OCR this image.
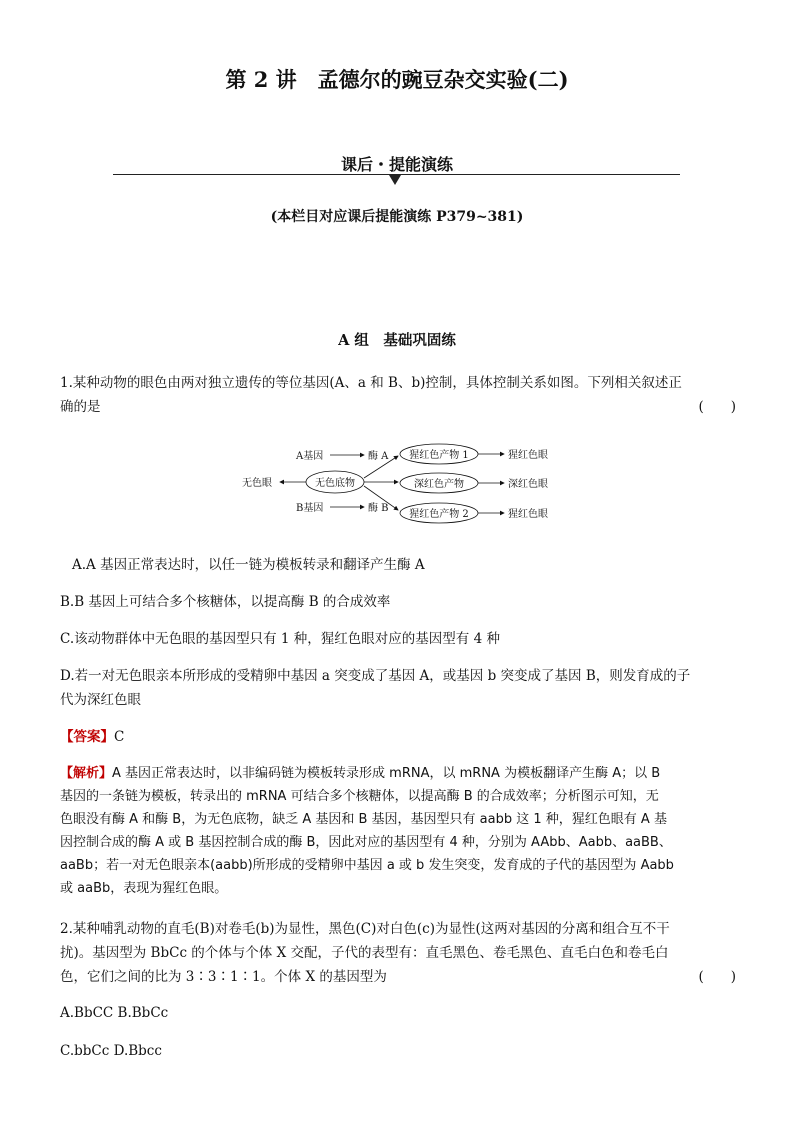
第 2 讲　孟德尔的豌豆杂交实验(二)
课后・提能演练
(本栏目对应课后提能演练 P379~381)
A 组　基础巩固练
1.某种动物的眼色由两对独立遗传的等位基因(A、a 和 B、b)控制，具体控制关系如图。下列相关叙述正
确的是	(　　)
A基因	酶 A
B基因	酶 B
无色眼	无色底物
猩红色产物 1
深红色产物
猩红色产物 2
猩红色眼
深红色眼
猩红色眼
A.A 基因正常表达时，以任一链为模板转录和翻译产生酶 A
B.B 基因上可结合多个核糖体，以提高酶 B 的合成效率
C.该动物群体中无色眼的基因型只有 1 种，猩红色眼对应的基因型有 4 种
D.若一对无色眼亲本所形成的受精卵中基因 a 突变成了基因 A，或基因 b 突变成了基因 B，则发育成的子
代为深红色眼
【答案】C
【解析】A 基因正常表达时，以非编码链为模板转录形成 mRNA，以 mRNA 为模板翻译产生酶 A；以 B
基因的一条链为模板，转录出的 mRNA 可结合多个核糖体，以提高酶 B 的合成效率；分析图示可知，无
色眼没有酶 A 和酶 B，为无色底物，缺乏 A 基因和 B 基因，基因型只有 aabb 这 1 种，猩红色眼有 A 基
因控制合成的酶 A 或 B 基因控制合成的酶 B，因此对应的基因型有 4 种，分别为 AAbb、Aabb、aaBB、
aaBb；若一对无色眼亲本(aabb)所形成的受精卵中基因 a 或 b 发生突变，发育成的子代的基因型为 Aabb
或 aaBb，表现为猩红色眼。
2.某种哺乳动物的直毛(B)对卷毛(b)为显性，黑色(C)对白色(c)为显性(这两对基因的分离和组合互不干
扰)。基因型为 BbCc 的个体与个体 X 交配，子代的表型有：直毛黑色、卷毛黑色、直毛白色和卷毛白
色，它们之间的比为 3∶3∶1∶1。个体 X 的基因型为	(　　)
A.BbCC B.BbCc
C.bbCc D.Bbcc
